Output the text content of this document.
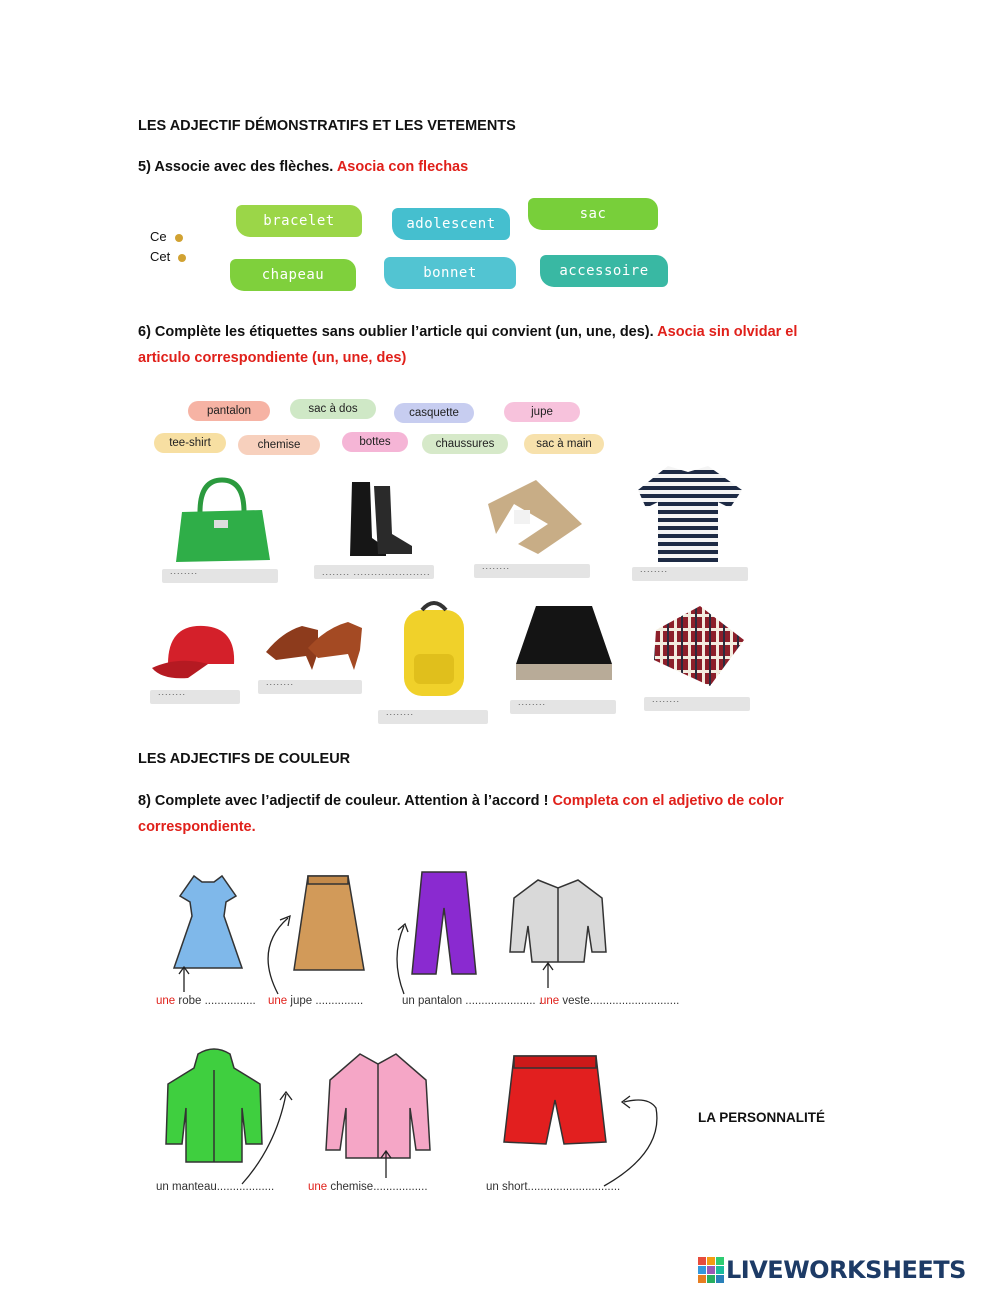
LES ADJECTIF DÉMONSTRATIFS ET LES VETEMENTS
5) Associe avec des flèches. Asocia con flechas
Ce
Cet
bracelet	adolescent
sac
chapeau	bonnet	accessoire
6) Complète les étiquettes sans oublier l’article qui convient (un, une, des). Asocia sin olvidar el
articulo correspondiente (un, une, des)
pantalon	sac à dos	casquette	jupe
tee-shirt	chemise	bottes	chaussures	sac à main
........ ......................
........ ......................
........ ......................
........ ......................
........ ......................
........ ......................
........ ......................
........ ......................
........ ......................
LES ADJECTIFS DE COULEUR
8) Complete avec l’adjectif de couleur. Attention à l’accord ! Completa con el adjetivo de color
correspondiente.
une robe ................ une jupe ...............	un pantalon ...................... .
une veste............................
un manteau..................	une chemise.................	un short.............................
LA PERSONNALITÉ
LIVEWORKSHEETS
